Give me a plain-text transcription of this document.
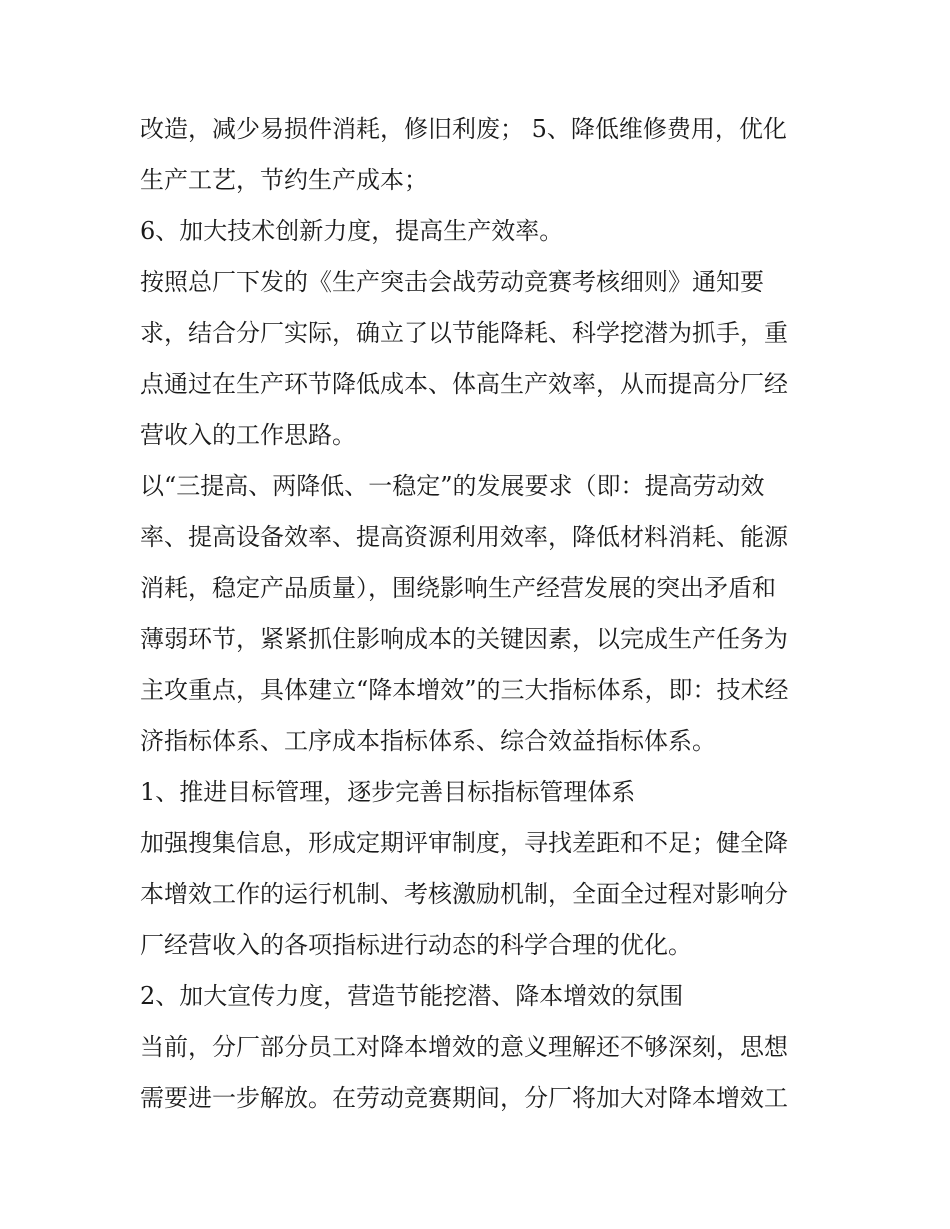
改造，减少易损件消耗，修旧利废； 5、降低维修费用，优化
生产工艺，节约生产成本；
6、加大技术创新力度，提高生产效率。
按照总厂下发的《生产突击会战劳动竞赛考核细则》通知要
求，结合分厂实际，确立了以节能降耗、科学挖潜为抓手，重
点通过在生产环节降低成本、体高生产效率，从而提高分厂经
营收入的工作思路。
以“三提高、两降低、一稳定”的发展要求（即：提高劳动效
率、提高设备效率、提高资源利用效率，降低材料消耗、能源
消耗，稳定产品质量），围绕影响生产经营发展的突出矛盾和
薄弱环节，紧紧抓住影响成本的关键因素，以完成生产任务为
主攻重点，具体建立“降本增效”的三大指标体系，即：技术经
济指标体系、工序成本指标体系、综合效益指标体系。
1、推进目标管理，逐步完善目标指标管理体系
加强搜集信息，形成定期评审制度，寻找差距和不足；健全降
本增效工作的运行机制、考核激励机制，全面全过程对影响分
厂经营收入的各项指标进行动态的科学合理的优化。
2、加大宣传力度，营造节能挖潜、降本增效的氛围
当前，分厂部分员工对降本增效的意义理解还不够深刻，思想
需要进一步解放。在劳动竞赛期间，分厂将加大对降本增效工
